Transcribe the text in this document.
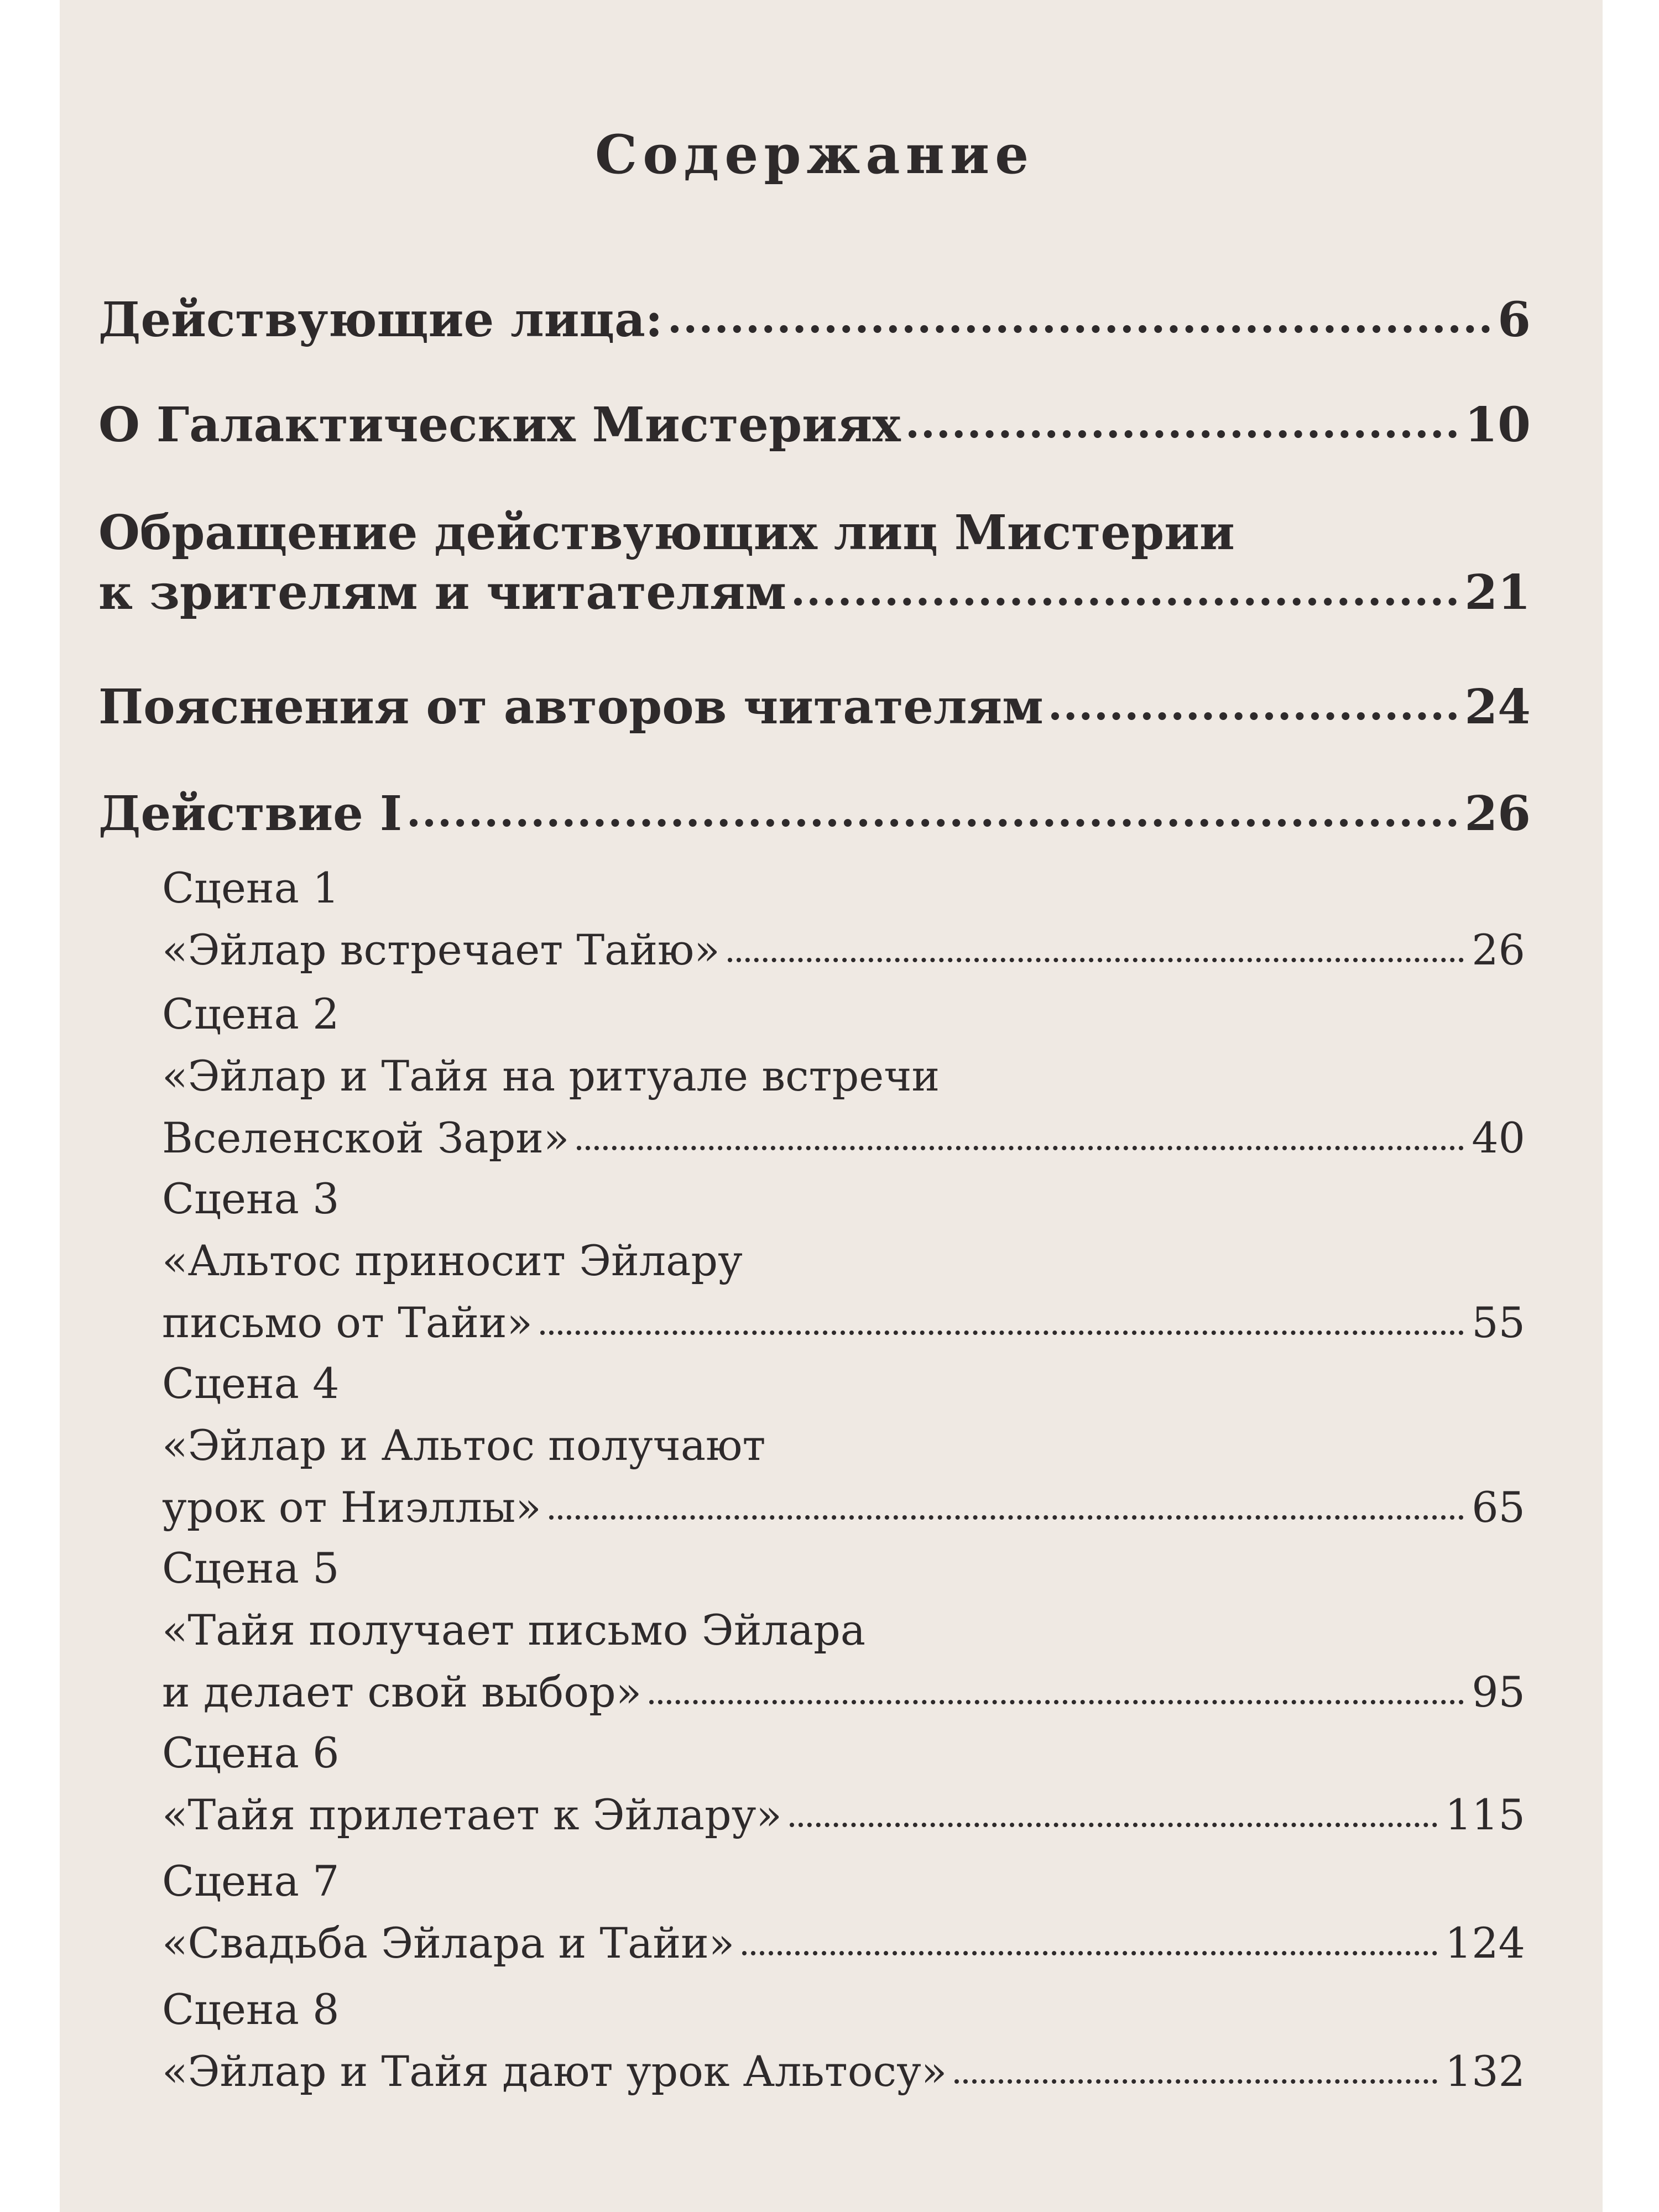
Содержание
Действующие лица:	6
О Галактических Мистериях	10
Обращение действующих лиц Мистерии
к зрителям и читателям	21
Пояснения от авторов читателям	24
Действие I	26
Сцена 1
«Эйлар встречает Тайю»	26
Сцена 2
«Эйлар и Тайя на ритуале встречи
Вселенской Зари»	40
Сцена 3
«Альтос приносит Эйлару
письмо от Тайи»	55
Сцена 4
«Эйлар и Альтос получают
урок от Ниэллы»	65
Сцена 5
«Тайя получает письмо Эйлара
и делает свой выбор»	95
Сцена 6
«Тайя прилетает к Эйлару»	115
Сцена 7
«Свадьба Эйлара и Тайи»	124
Сцена 8
«Эйлар и Тайя дают урок Альтосу»	132
